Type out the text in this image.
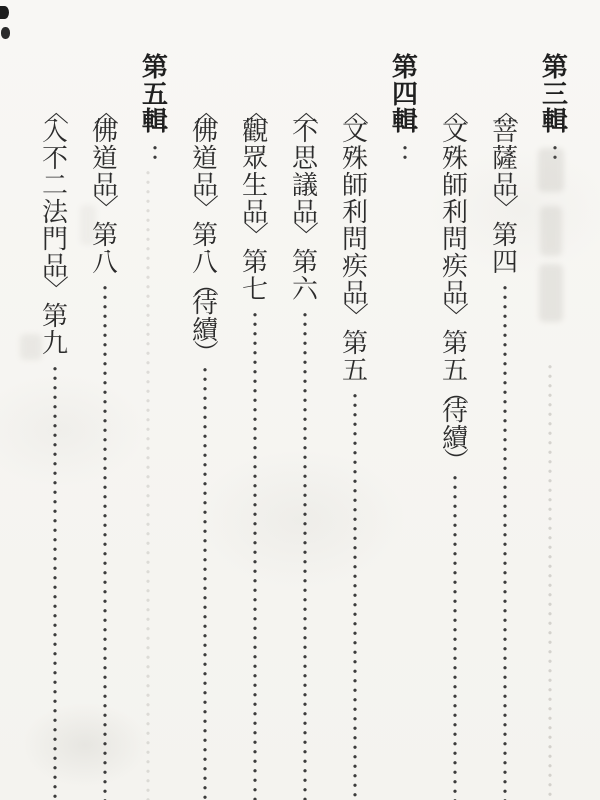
第
三
輯
〈
菩
薩
品
〉
第
四
〈
文
殊
師
利
問
疾
品
〉
第
五
（
待
續
）
第
四
輯
〈
文
殊
師
利
問
疾
品
〉
第
五
〈
不
思
議
品
〉
第
六
〈
觀
眾
生
品
〉
第
七
〈
佛
道
品
〉
第
八
（
待
續
）
第
五
輯
〈
佛
道
品
〉
第
八
〈
入
不
二
法
門
品
〉
第
九
